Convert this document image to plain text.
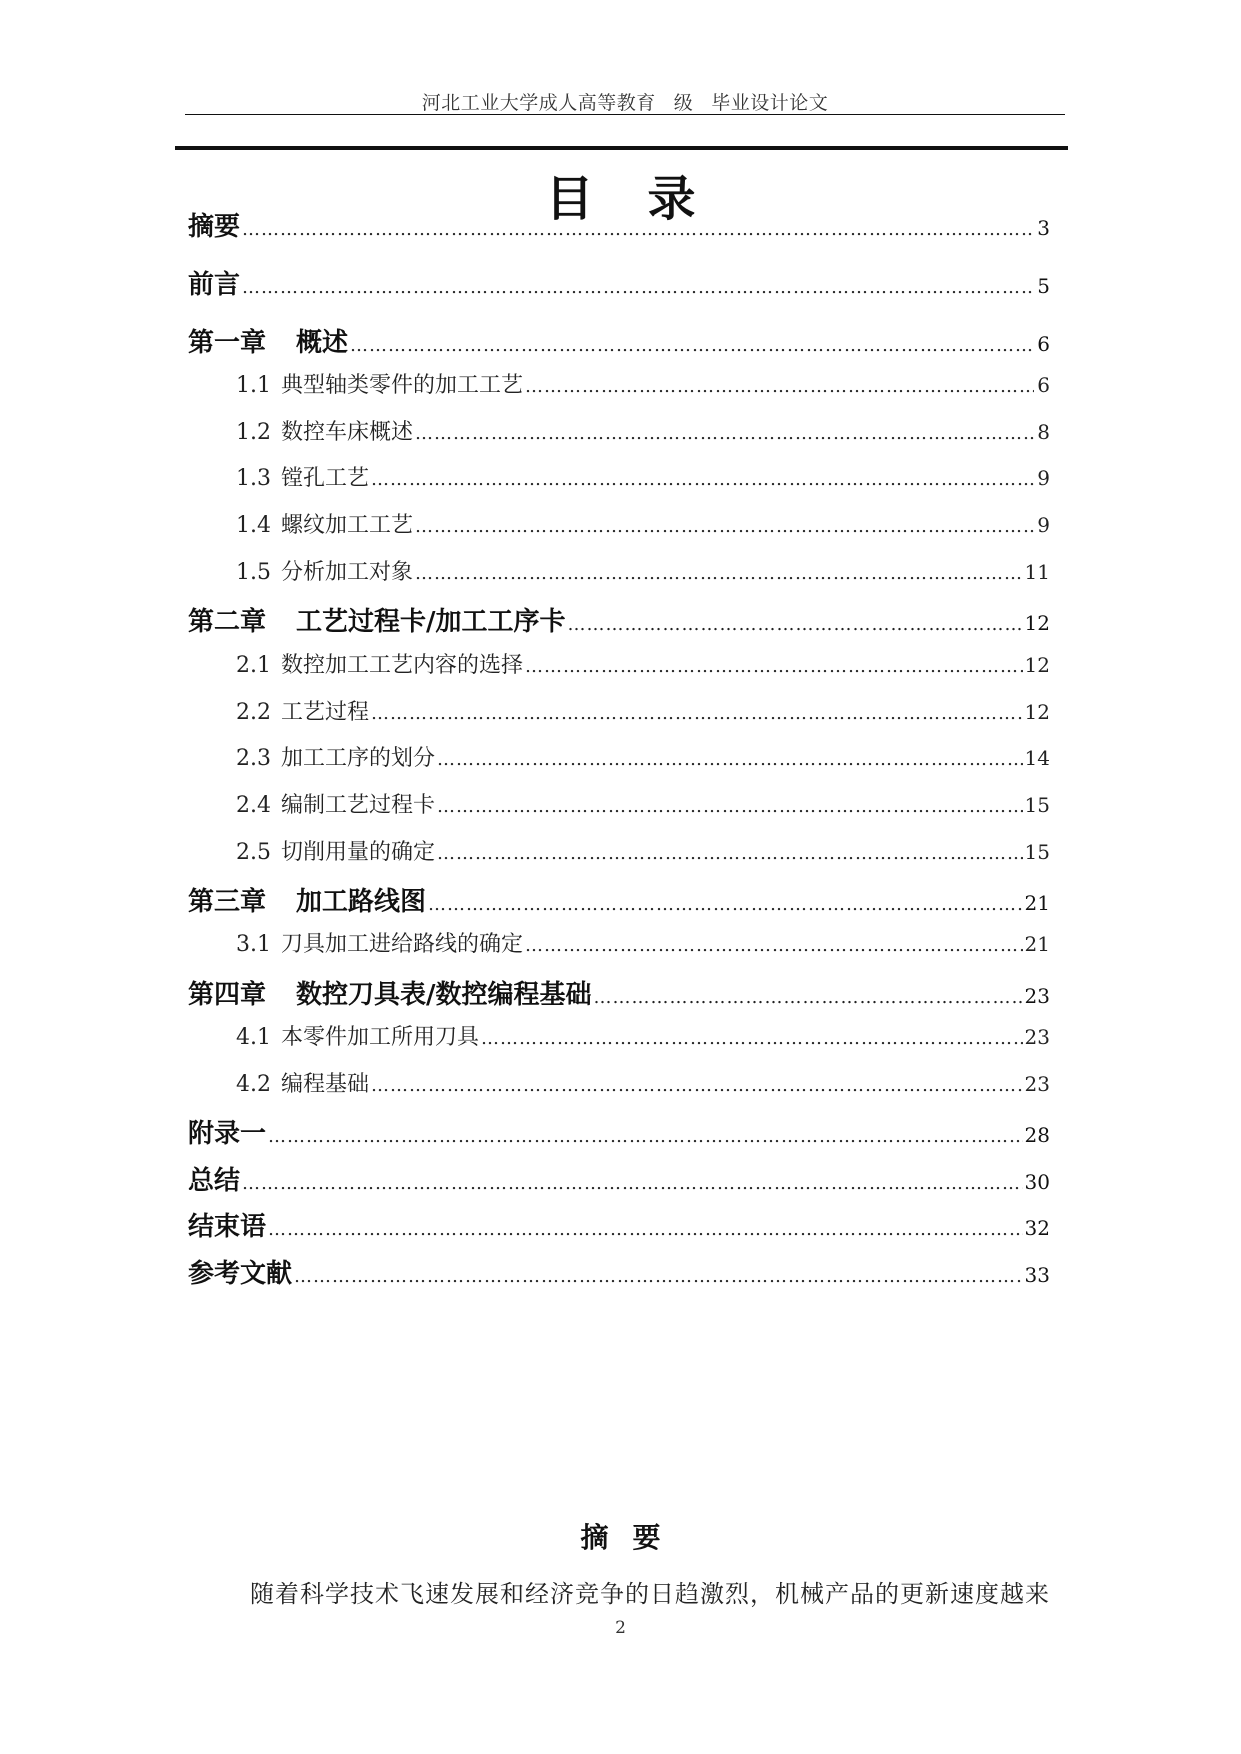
河北工业大学成人高等教育 级 毕业设计论文
目录
摘要 …………………………………………………………………………………………………………………………………………………………………………………………	3
前言 …………………………………………………………………………………………………………………………………………………………………………………………	5
第一章 概述 …………………………………………………………………………………………………………………………………………………………………………………………	6
1.1 典型轴类零件的加工工艺 …………………………………………………………………………………………………………………………………………………………………………………………	6
1.2 数控车床概述 …………………………………………………………………………………………………………………………………………………………………………………………	8
1.3 镗孔工艺 …………………………………………………………………………………………………………………………………………………………………………………………	9
1.4 螺纹加工工艺 …………………………………………………………………………………………………………………………………………………………………………………………	9
1.5 分析加工对象 …………………………………………………………………………………………………………………………………………………………………………………………	11
第二章 工艺过程卡/加工工序卡 …………………………………………………………………………………………………………………………………………………………………………………………	12
2.1 数控加工工艺内容的选择 …………………………………………………………………………………………………………………………………………………………………………………………	12
2.2 工艺过程 …………………………………………………………………………………………………………………………………………………………………………………………	12
2.3 加工工序的划分 …………………………………………………………………………………………………………………………………………………………………………………………	14
2.4 编制工艺过程卡 …………………………………………………………………………………………………………………………………………………………………………………………	15
2.5 切削用量的确定 …………………………………………………………………………………………………………………………………………………………………………………………	15
第三章 加工路线图 …………………………………………………………………………………………………………………………………………………………………………………………	21
3.1 刀具加工进给路线的确定 …………………………………………………………………………………………………………………………………………………………………………………………	21
第四章 数控刀具表/数控编程基础 …………………………………………………………………………………………………………………………………………………………………………………………	23
4.1 本零件加工所用刀具 …………………………………………………………………………………………………………………………………………………………………………………………	23
4.2 编程基础 …………………………………………………………………………………………………………………………………………………………………………………………	23
附录一 …………………………………………………………………………………………………………………………………………………………………………………………	28
总结 …………………………………………………………………………………………………………………………………………………………………………………………	30
结束语 …………………………………………………………………………………………………………………………………………………………………………………………	32
参考文献 …………………………………………………………………………………………………………………………………………………………………………………………	33
摘要
随着科学技术飞速发展和经济竞争的日趋激烈，机械产品的更新速度越来
2
